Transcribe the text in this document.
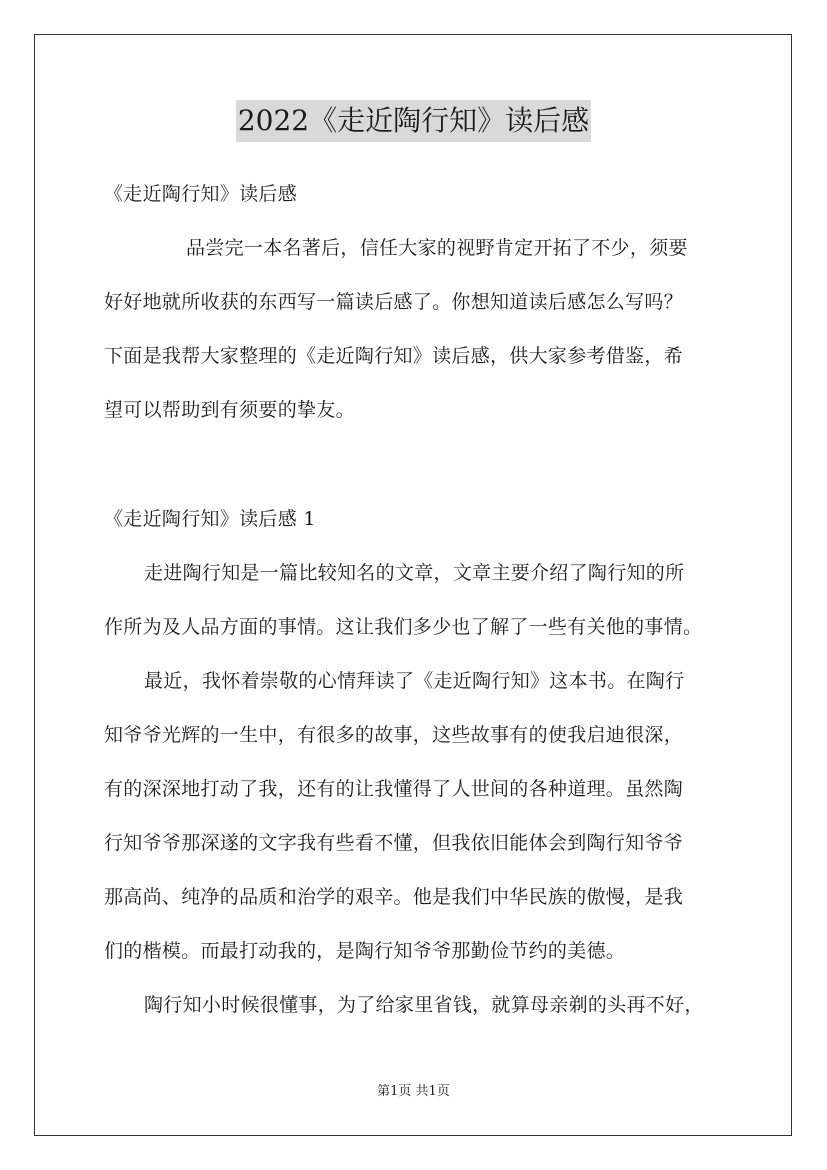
2022《走近陶行知》读后感
《走近陶行知》读后感
品尝完一本名著后，信任大家的视野肯定开拓了不少，须要
好好地就所收获的东西写一篇读后感了。你想知道读后感怎么写吗？
下面是我帮大家整理的《走近陶行知》读后感，供大家参考借鉴，希
望可以帮助到有须要的挚友。
《走近陶行知》读后感 1
走进陶行知是一篇比较知名的文章，文章主要介绍了陶行知的所
作所为及人品方面的事情。这让我们多少也了解了一些有关他的事情。
最近，我怀着崇敬的心情拜读了《走近陶行知》这本书。在陶行
知爷爷光辉的一生中，有很多的故事，这些故事有的使我启迪很深，
有的深深地打动了我，还有的让我懂得了人世间的各种道理。虽然陶
行知爷爷那深遂的文字我有些看不懂，但我依旧能体会到陶行知爷爷
那高尚、纯净的品质和治学的艰辛。他是我们中华民族的傲慢，是我
们的楷模。而最打动我的，是陶行知爷爷那勤俭节约的美德。
陶行知小时候很懂事，为了给家里省钱，就算母亲剃的头再不好，
第1页 共1页
